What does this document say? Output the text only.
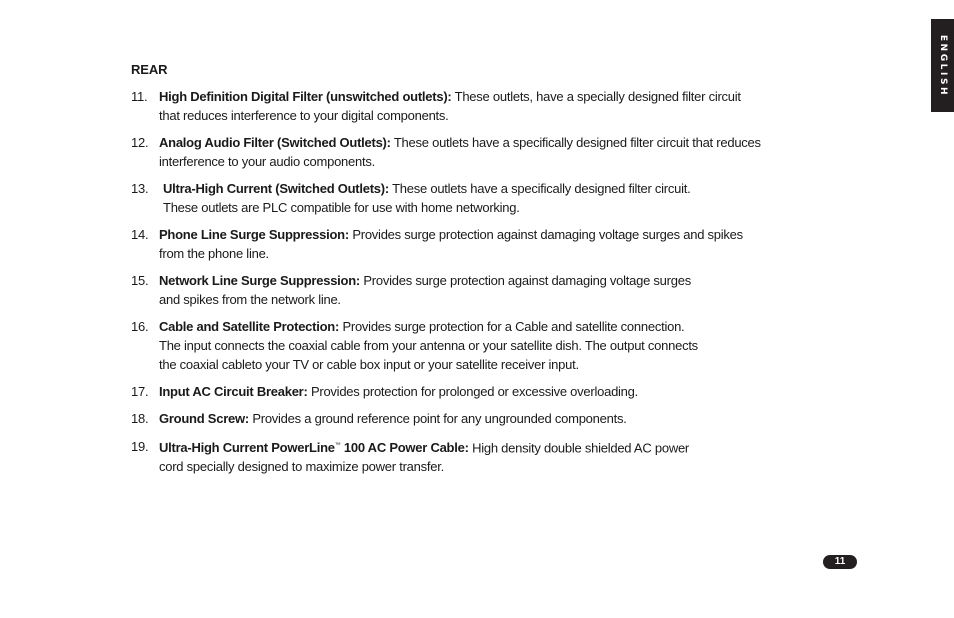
ENGLISH
REAR
11. High Definition Digital Filter (unswitched outlets): These outlets, have a specially designed filter circuit
that reduces interference to your digital components.
12. Analog Audio Filter (Switched Outlets): These outlets have a specifically designed filter circuit that reduces
interference to your audio components.
13.	Ultra-High Current (Switched Outlets): These outlets have a specifically designed filter circuit.
These outlets are PLC compatible for use with home networking.
14. Phone Line Surge Suppression: Provides surge protection against damaging voltage surges and spikes
from the phone line.
15. Network Line Surge Suppression: Provides surge protection against damaging voltage surges
and spikes from the network line.
16. Cable and Satellite Protection: Provides surge protection for a Cable and satellite connection.
The input connects the coaxial cable from your antenna or your satellite dish. The output connects
the coaxial cableto your TV or cable box input or your satellite receiver input.
17. Input AC Circuit Breaker: Provides protection for prolonged or excessive overloading.
18. Ground Screw: Provides a ground reference point for any ungrounded components.
19. Ultra-High Current PowerLine™ 100 AC Power Cable: High density double shielded AC power
cord specially designed to maximize power transfer.
11
